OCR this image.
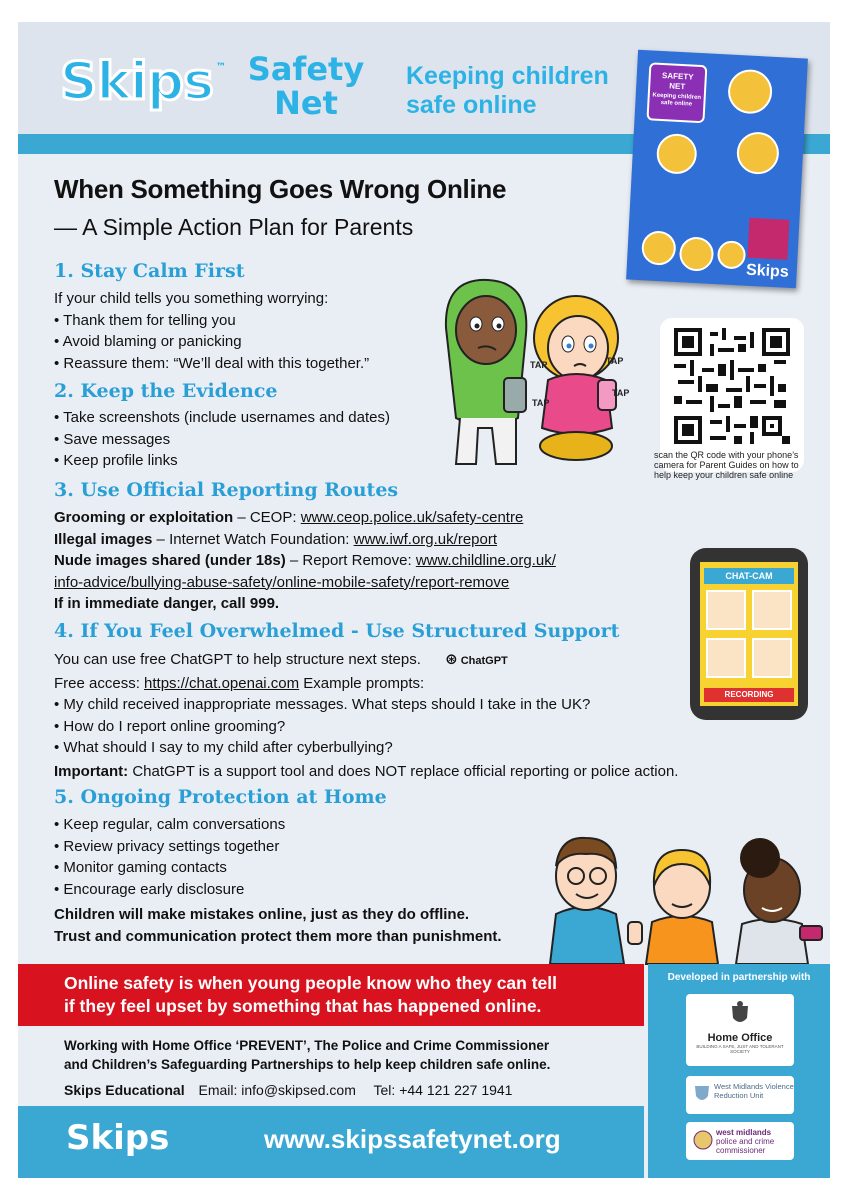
Skips ™ Safety
Net
Keeping children
safe online
SAFETY
NET
Keeping children safe online
Skips
When Something Goes Wrong Online
— A Simple Action Plan for Parents
1. Stay Calm First
If your child tells you something worrying:
• Thank them for telling you
• Avoid blaming or panicking
• Reassure them: “We’ll deal with this together.”
2. Keep the Evidence
• Take screenshots (include usernames and dates)
• Save messages
• Keep profile links
3. Use Official Reporting Routes
Grooming or exploitation – CEOP: www.ceop.police.uk/safety-centre
Illegal images – Internet Watch Foundation: www.iwf.org.uk/report
Nude images shared (under 18s) – Report Remove: www.childline.org.uk/
info-advice/bullying-abuse-safety/online-mobile-safety/report-remove
If in immediate danger, call 999.
4. If You Feel Overwhelmed - Use Structured Support
You can use free ChatGPT to help structure next steps. ⊛ ChatGPT
Free access: https://chat.openai.com Example prompts:
• My child received inappropriate messages. What steps should I take in the UK?
• How do I report online grooming?
• What should I say to my child after cyberbullying?
Important: ChatGPT is a support tool and does NOT replace official reporting or police action.
5. Ongoing Protection at Home
• Keep regular, calm conversations
• Review privacy settings together
• Monitor gaming contacts
• Encourage early disclosure
Children will make mistakes online, just as they do offline.
Trust and communication protect them more than punishment.
TAP
TAP
TAP
TAP
scan the QR code with your phone’s camera for Parent Guides on how to help keep your children safe online
CHAT-CAM
RECORDING
Online safety is when young people know who they can tell
if they feel upset by something that has happened online.
Developed in partnership with
Home Office
BUILDING A SAFE, JUST AND TOLERANT SOCIETY
West Midlands Violence Reduction Unit
west midlands
police and crime commissioner
Working with Home Office ‘PREVENT’, The Police and Crime Commissioner
and Children’s Safeguarding Partnerships to help keep children safe online.
Skips Educational Email: info@skipsed.com Tel: +44 121 227 1941
Skips	www.skipssafetynet.org
